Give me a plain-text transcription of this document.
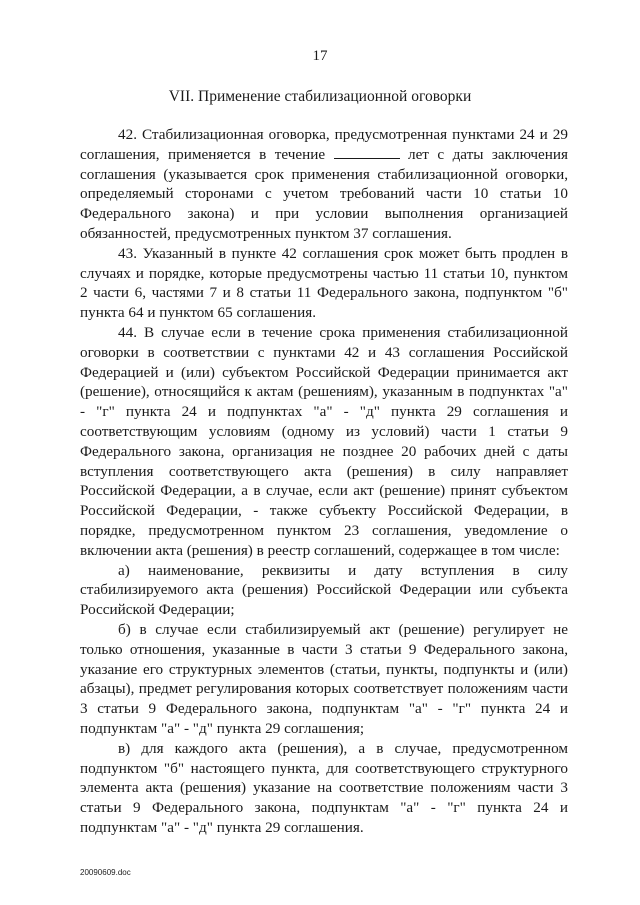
17
VII. Применение стабилизационной оговорки

42. Стабилизационная оговорка, предусмотренная пунктами 24 и 29 соглашения, применяется в течение	лет с даты заключения соглашения (указывается срок применения стабилизационной оговорки, определяемый сторонами с учетом требований части 10 статьи 10 Федерального закона) и при условии выполнения организацией обязанностей, предусмотренных пунктом 37 соглашения.

43. Указанный в пункте 42 соглашения срок может быть продлен в случаях и порядке, которые предусмотрены частью 11 статьи 10, пунктом 2 части 6, частями 7 и 8 статьи 11 Федерального закона, подпунктом "б" пункта 64 и пунктом 65 соглашения.

44. В случае если в течение срока применения стабилизационной оговорки в соответствии с пунктами 42 и 43 соглашения Российской Федерацией и (или) субъектом Российской Федерации принимается акт (решение), относящийся к актам (решениям), указанным в подпунктах "а" - "г" пункта 24 и подпунктах "а" - "д" пункта 29 соглашения и соответствующим условиям (одному из условий) части 1 статьи 9 Федерального закона, организация не позднее 20 рабочих дней с даты вступления соответствующего акта (решения) в силу направляет Российской Федерации, а в случае, если акт (решение) принят субъектом Российской Федерации, - также субъекту Российской Федерации, в порядке, предусмотренном пунктом 23 соглашения, уведомление о включении акта (решения) в реестр соглашений, содержащее в том числе:

а) наименование, реквизиты и дату вступления в силу стабилизируемого акта (решения) Российской Федерации или субъекта Российской Федерации;

б) в случае если стабилизируемый акт (решение) регулирует не только отношения, указанные в части 3 статьи 9 Федерального закона, указание его структурных элементов (статьи, пункты, подпункты и (или) абзацы), предмет регулирования которых соответствует положениям части 3 статьи 9 Федерального закона, подпунктам "а" - "г" пункта 24 и подпунктам "а" - "д" пункта 29 соглашения;

в) для каждого акта (решения), а в случае, предусмотренном подпунктом "б" настоящего пункта, для соответствующего структурного элемента акта (решения) указание на соответствие положениям части 3 статьи 9 Федерального закона, подпунктам "а" - "г" пункта 24 и подпунктам "а" - "д" пункта 29 соглашения.

20090609.doc
